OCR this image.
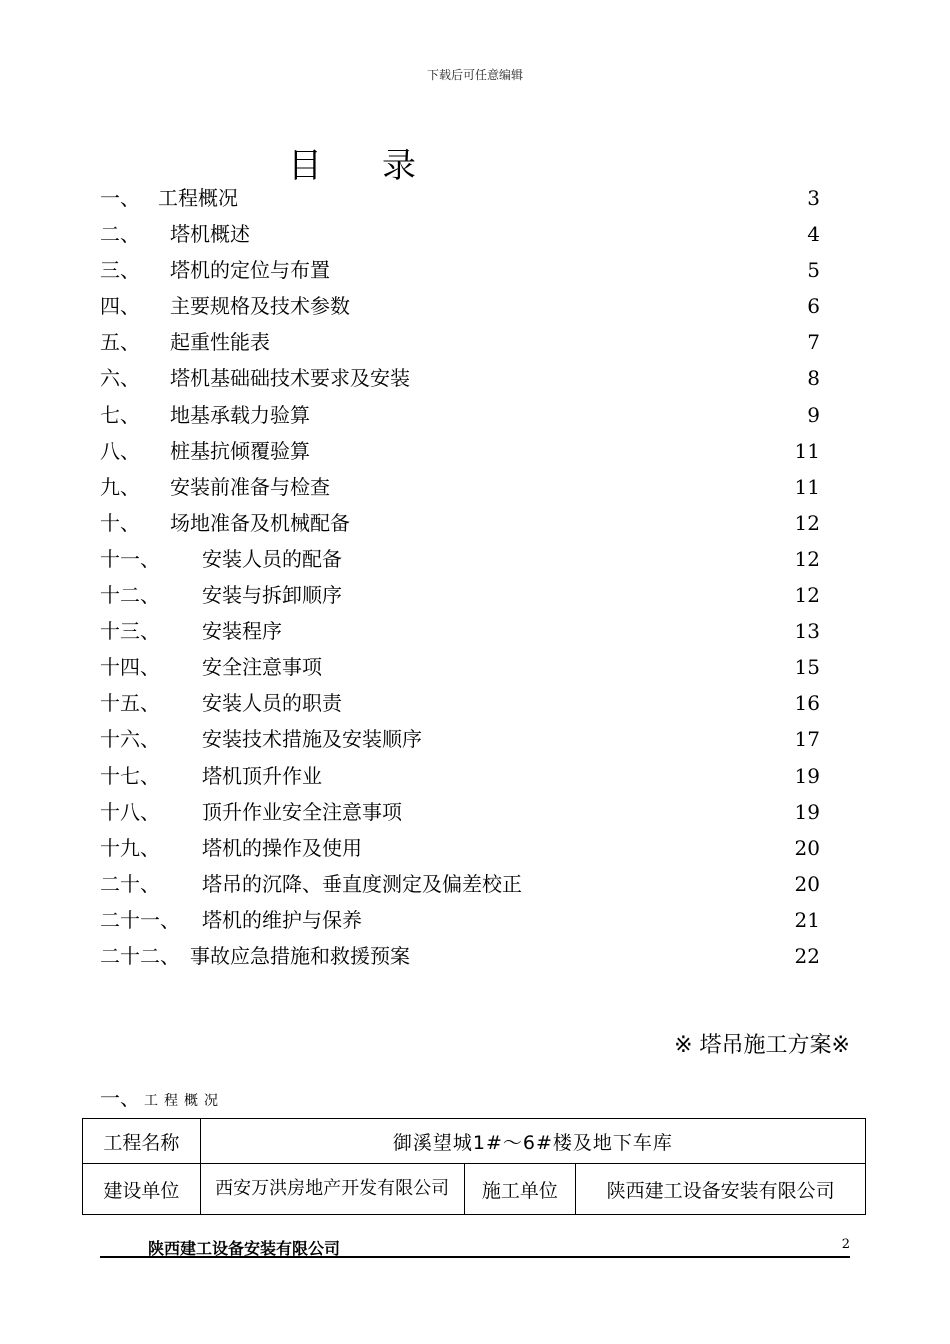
下载后可任意编辑
目 录
一、 工程概况	3
二、 塔机概述	4
三、 塔机的定位与布置	5
四、 主要规格及技术参数	6
五、 起重性能表	7
六、 塔机基础础技术要求及安装	8
七、 地基承载力验算	9
八、 桩基抗倾覆验算	11
九、 安装前准备与检查	11
十、 场地准备及机械配备	12
十一、 安装人员的配备	12
十二、 安装与拆卸顺序	12
十三、 安装程序	13
十四、 安全注意事项	15
十五、 安装人员的职责	16
十六、 安装技术措施及安装顺序	17
十七、 塔机顶升作业	19
十八、 顶升作业安全注意事项	19
十九、 塔机的操作及使用	20
二十、 塔吊的沉降、垂直度测定及偏差校正	20
二十一、 塔机的维护与保养	21
二十二、 事故应急措施和救援预案	22
※ 塔吊施工方案※
一、 工程概况
工程名称	御溪望城1#～6#楼及地下车库		
建设单位	西安万洪房地产开发有限公司	施工单位	陕西建工设备安装有限公司
陕西建工设备安装有限公司	2
